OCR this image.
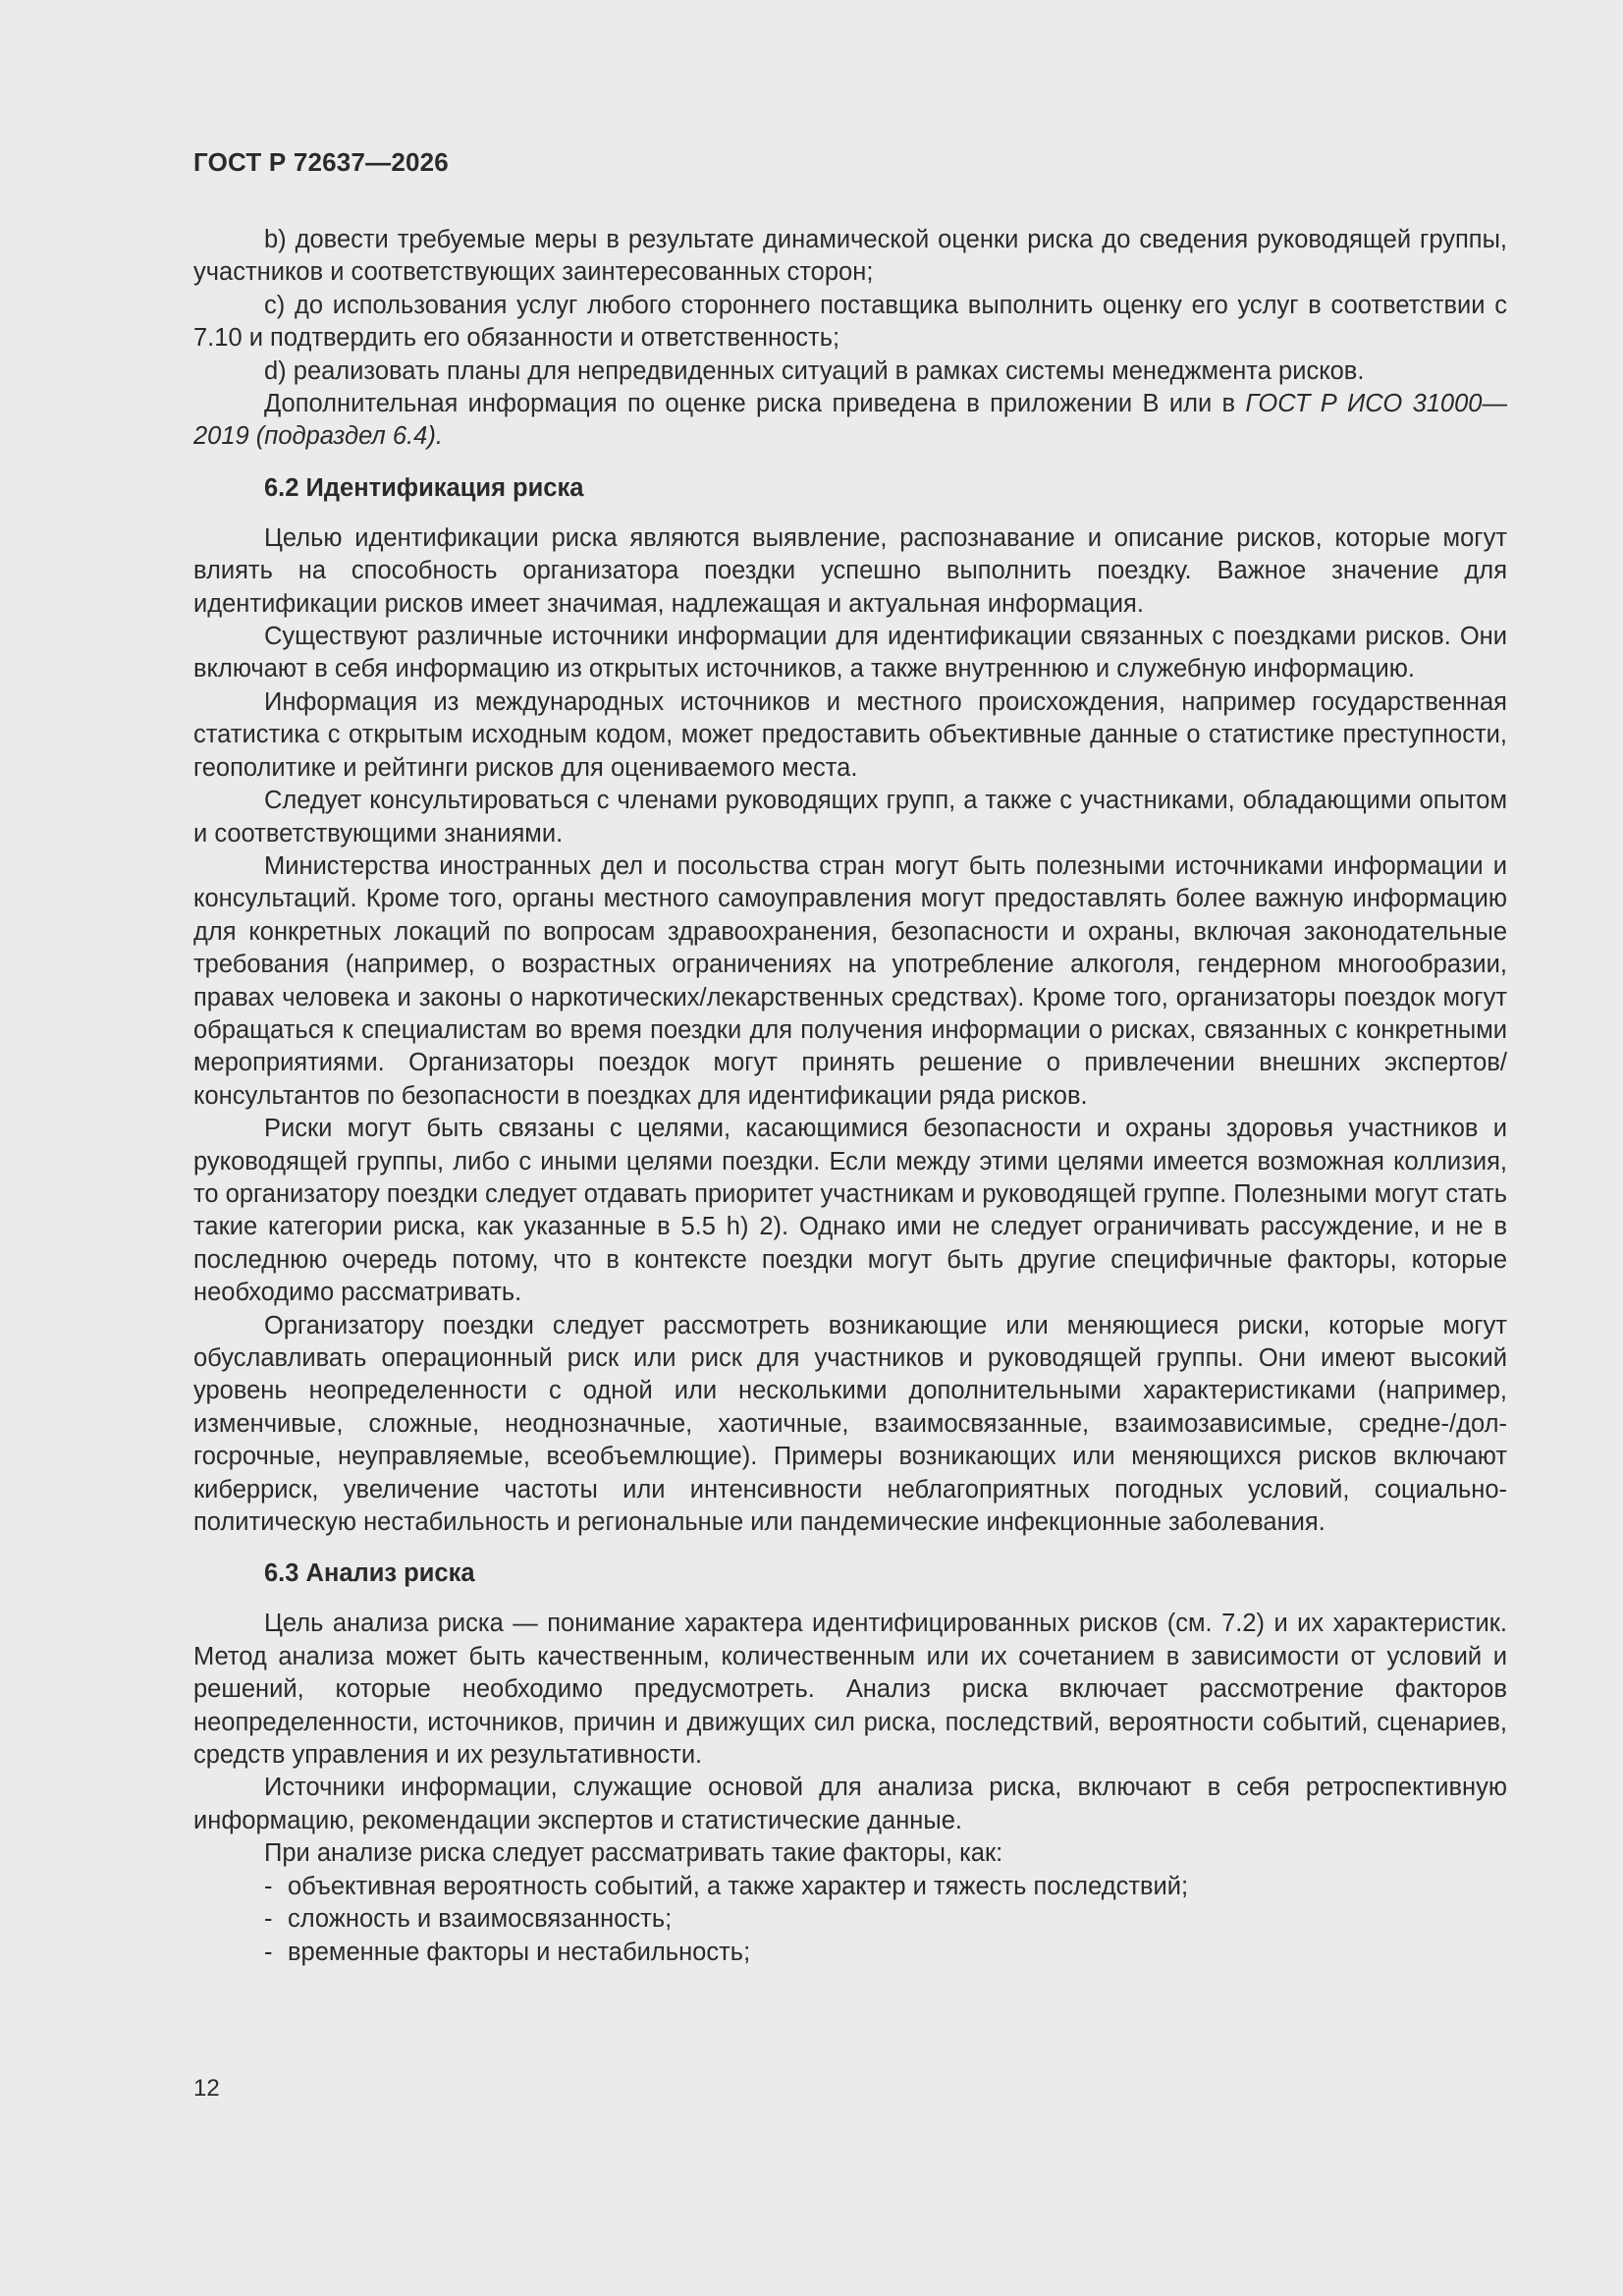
ГОСТ Р 72637—2026

b) довести требуемые меры в результате динамической оценки риска до сведения руководящей группы, участников и соответствующих заинтересованных сторон;

c) до использования услуг любого стороннего поставщика выполнить оценку его услуг в соответствии с 7.10 и подтвердить его обязанности и ответственность;

d) реализовать планы для непредвиденных ситуаций в рамках системы менеджмента рисков.

Дополнительная информация по оценке риска приведена в приложении В или в ГОСТ Р ИСО 31000—2019 (подраздел 6.4).

6.2 Идентификация риска

Целью идентификации риска являются выявление, распознавание и описание рисков, которые могут влиять на способность организатора поездки успешно выполнить поездку. Важное значение для идентификации рисков имеет значимая, надлежащая и актуальная информация.

Существуют различные источники информации для идентификации связанных с поездками рисков. Они включают в себя информацию из открытых источников, а также внутреннюю и служебную информацию.

Информация из международных источников и местного происхождения, например государственная статистика с открытым исходным кодом, может предоставить объективные данные о статистике преступности, геополитике и рейтинги рисков для оцениваемого места.

Следует консультироваться с членами руководящих групп, а также с участниками, обладающими опытом и соответствующими знаниями.

Министерства иностранных дел и посольства стран могут быть полезными источниками информации и консультаций. Кроме того, органы местного самоуправления могут предоставлять более важную информацию для конкретных локаций по вопросам здравоохранения, безопасности и охраны, включая законодательные требования (например, о возрастных ограничениях на употребление алкоголя, гендерном многообразии, правах человека и законы о наркотических/лекарственных средствах). Кроме того, организаторы поездок могут обращаться к специалистам во время поездки для получения информации о рисках, связанных с конкретными мероприятиями. Организаторы поездок могут принять решение о привлечении внешних экспертов/консультантов по безопасности в поездках для идентификации ряда рисков.

Риски могут быть связаны с целями, касающимися безопасности и охраны здоровья участников и руководящей группы, либо с иными целями поездки. Если между этими целями имеется возможная коллизия, то организатору поездки следует отдавать приоритет участникам и руководящей группе. Полезными могут стать такие категории риска, как указанные в 5.5 h) 2). Однако ими не следует ограничивать рассуждение, и не в последнюю очередь потому, что в контексте поездки могут быть другие специфичные факторы, которые необходимо рассматривать.

Организатору поездки следует рассмотреть возникающие или меняющиеся риски, которые могут обуславливать операционный риск или риск для участников и руководящей группы. Они имеют высокий уровень неопределенности с одной или несколькими дополнительными характеристиками (например, изменчивые, сложные, неоднозначные, хаотичные, взаимосвязанные, взаимозависимые, средне-/долгосрочные, неуправляемые, всеобъемлющие). Примеры возникающих или меняющихся рисков включают киберриск, увеличение частоты или интенсивности неблагоприятных погодных условий, социально-политическую нестабильность и региональные или пандемические инфекционные заболевания.

6.3 Анализ риска

Цель анализа риска — понимание характера идентифицированных рисков (см. 7.2) и их характеристик. Метод анализа может быть качественным, количественным или их сочетанием в зависимости от условий и решений, которые необходимо предусмотреть. Анализ риска включает рассмотрение факторов неопределенности, источников, причин и движущих сил риска, последствий, вероятности событий, сценариев, средств управления и их результативности.

Источники информации, служащие основой для анализа риска, включают в себя ретроспективную информацию, рекомендации экспертов и статистические данные.

При анализе риска следует рассматривать такие факторы, как:

- объективная вероятность событий, а также характер и тяжесть последствий;
- сложность и взаимосвязанность;
- временные факторы и нестабильность;
12
